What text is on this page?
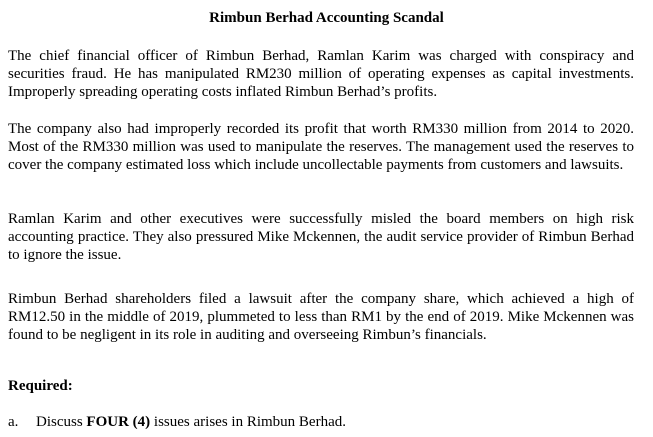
Rimbun Berhad Accounting Scandal

The chief financial officer of Rimbun Berhad, Ramlan Karim was charged with conspiracy and securities fraud. He has manipulated RM230 million of operating expenses as capital investments. Improperly spreading operating costs inflated Rimbun Berhad’s profits.

The company also had improperly recorded its profit that worth RM330 million from 2014 to 2020. Most of the RM330 million was used to manipulate the reserves. The management used the reserves to cover the company estimated loss which include uncollectable payments from customers and lawsuits.

Ramlan Karim and other executives were successfully misled the board members on high risk accounting practice. They also pressured Mike Mckennen, the audit service provider of Rimbun Berhad to ignore the issue.

Rimbun Berhad shareholders filed a lawsuit after the company share, which achieved a high of RM12.50 in the middle of 2019, plummeted to less than RM1 by the end of 2019. Mike Mckennen was found to be negligent in its role in auditing and overseeing Rimbun’s financials.

Required:

a. Discuss FOUR (4) issues arises in Rimbun Berhad.
